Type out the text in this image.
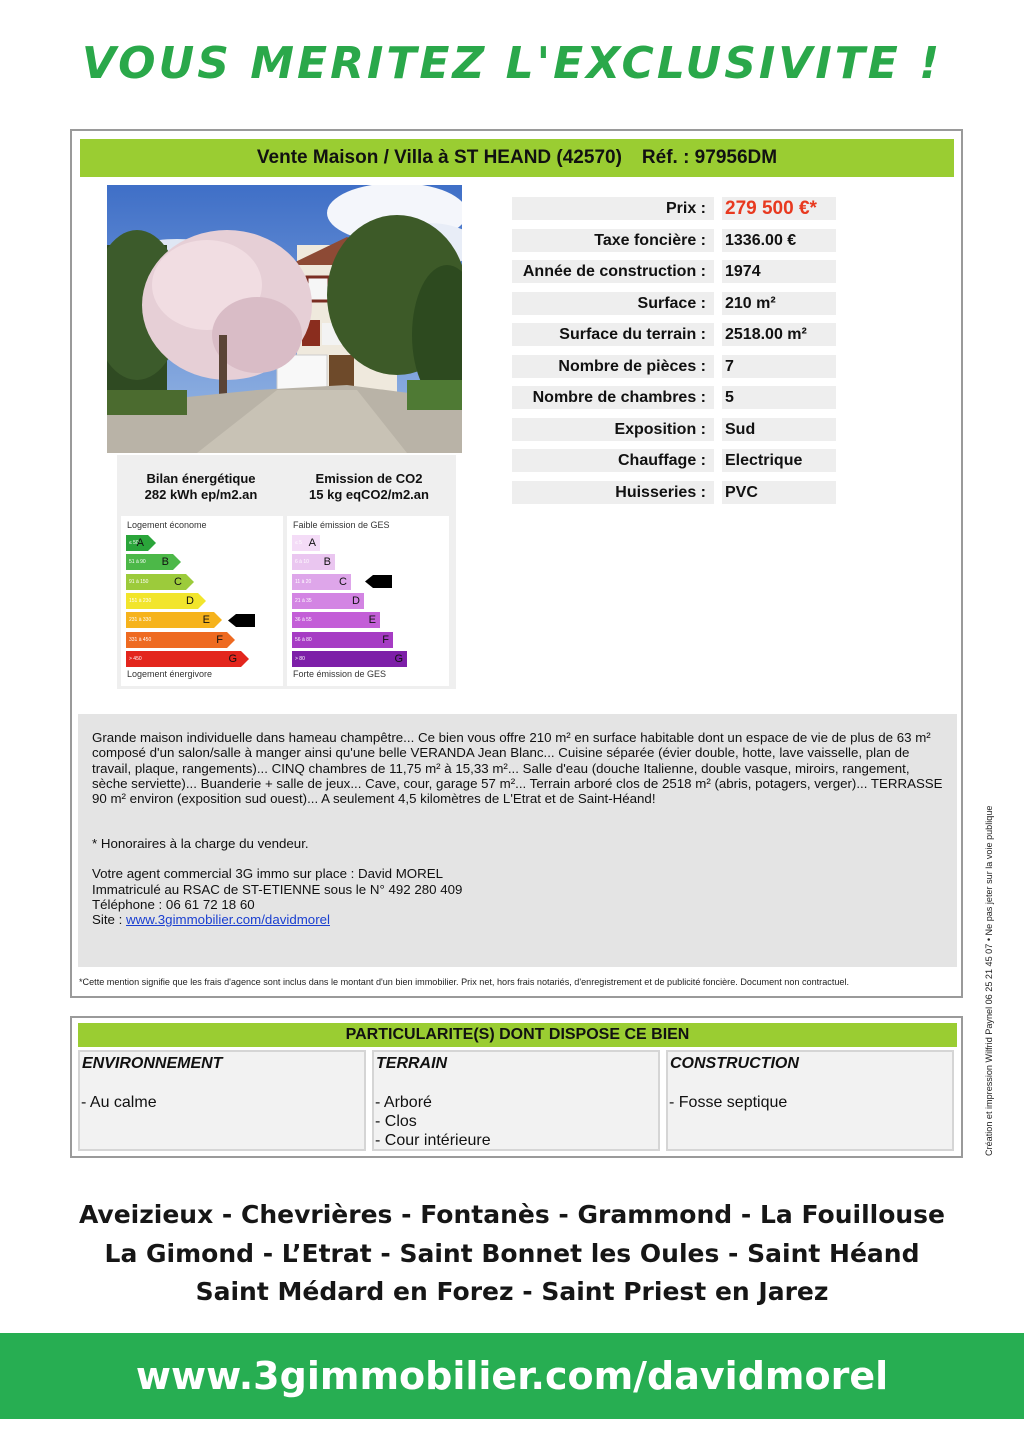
VOUS MERITEZ L'EXCLUSIVITE !
Vente Maison / Villa à ST HEAND (42570) Réf. : 97956DM
Bilan énergétique
282 kWh ep/m2.an
Emission de CO2
15 kg eqCO2/m2.an
Logement économe
Logement énergivore
≤ 50
A
51 à 90 B
91 à 150 C
151 à 230	D
231 à 330	E
331 à 450	F
> 450	G
Faible émission de GES
Forte émission de GES
≤ 5 A
6 à 10 B
11 à 20	C
21 à 35	D
36 à 55	E
56 à 80	F
> 80	G
Prix :	279 500 €*
Taxe foncière :	1336.00 €
Année de construction :	1974
Surface :	210 m²
Surface du terrain :	2518.00 m²
Nombre de pièces :	7
Nombre de chambres :	5
Exposition :	Sud
Chauffage :	Electrique
Huisseries :	PVC
Grande maison individuelle dans hameau champêtre... Ce bien vous offre 210 m² en surface habitable dont un espace de vie de plus de 63 m² composé d'un salon/salle à manger ainsi qu'une belle VERANDA Jean Blanc... Cuisine séparée (évier double, hotte, lave vaisselle, plan de travail, plaque, rangements)... CINQ chambres de 11,75 m² à 15,33 m²... Salle d'eau (douche Italienne, double vasque, miroirs, rangement, sèche serviette)... Buanderie + salle de jeux... Cave, cour, garage 57 m²... Terrain arboré clos de 2518 m² (abris, potagers, verger)... TERRASSE 90 m² environ (exposition sud ouest)... A seulement 4,5 kilomètres de L'Etrat et de Saint-Héand!
* Honoraires à la charge du vendeur.
Votre agent commercial 3G immo sur place : David MOREL
Immatriculé au RSAC de ST-ETIENNE sous le N° 492 280 409
Téléphone : 06 61 72 18 60
Site : www.3gimmobilier.com/davidmorel
*Cette mention signifie que les frais d'agence sont inclus dans le montant d'un bien immobilier. Prix net, hors frais notariés, d'enregistrement et de publicité foncière. Document non contractuel.
PARTICULARITE(S) DONT DISPOSE CE BIEN
ENVIRONNEMENT
- Au calme
TERRAIN
- Arboré
- Clos
- Cour intérieure
CONSTRUCTION
- Fosse septique	Création et impression Wilfrid Paynel 06 25 21 45 07 • Ne pas jeter sur la voie publique
Aveizieux - Chevrières - Fontanès - Grammond - La Fouillouse
La Gimond - L’Etrat - Saint Bonnet les Oules - Saint Héand
Saint Médard en Forez - Saint Priest en Jarez
www.3gimmobilier.com/davidmorel
